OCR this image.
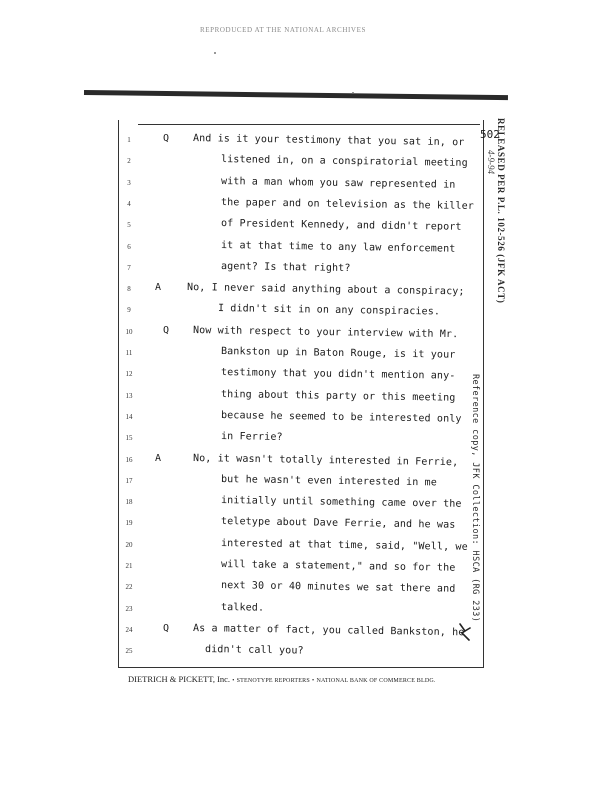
REPRODUCED AT THE NATIONAL ARCHIVES
502
1	Q And is it your testimony that you sat in, or
2	listened in, on a conspiratorial meeting
3	with a man whom you saw represented in
4	the paper and on television as the killer
5	of President Kennedy, and didn't report
6	it at that time to any law enforcement
7	agent? Is that right?
8	A	No, I never said anything about a conspiracy;
9	I didn't sit in on any conspiracies.
10	Q Now with respect to your interview with Mr.
11	Bankston up in Baton Rouge, is it your
12	testimony that you didn't mention any-
13	thing about this party or this meeting
14	because he seemed to be interested only
15	in Ferrie?
16	A	No, it wasn't totally interested in Ferrie,
17	but he wasn't even interested in me
18	initially until something came over the
19	teletype about Dave Ferrie, and he was
20	interested at that time, said, "Well, we
21	will take a statement," and so for the
22	next 30 or 40 minutes we sat there and
23	talked.
24	Q As a matter of fact, you called Bankston, he
25	didn't call you?
DIETRICH & PICKETT, Inc. • STENOTYPE REPORTERS • NATIONAL BANK OF COMMERCE BLDG.
RELEASED PER P.L. 102-526 (JFK ACT)
4-9-94
Reference copy, JFK Collection: HSCA (RG 233)
